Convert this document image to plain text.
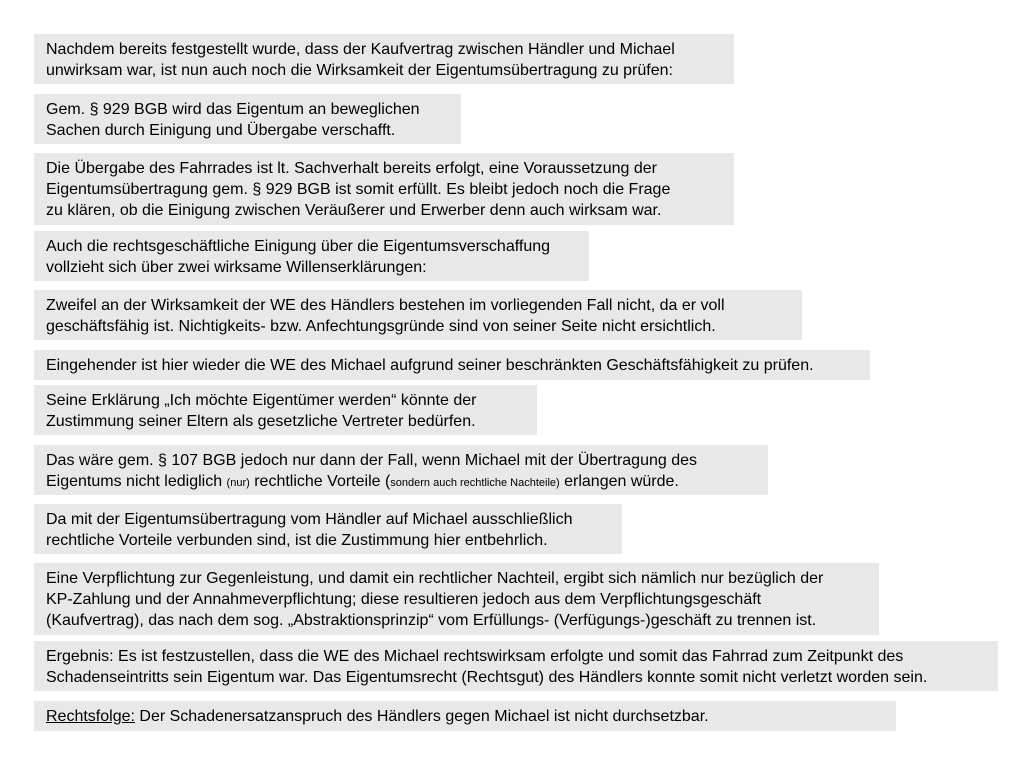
Nachdem bereits festgestellt wurde, dass der Kaufvertrag zwischen Händler und Michael
unwirksam war, ist nun auch noch die Wirksamkeit der Eigentumsübertragung zu prüfen:
Gem. § 929 BGB wird das Eigentum an beweglichen
Sachen durch Einigung und Übergabe verschafft.
Die Übergabe des Fahrrades ist lt. Sachverhalt bereits erfolgt, eine Voraussetzung der
Eigentumsübertragung gem. § 929 BGB ist somit erfüllt. Es bleibt jedoch noch die Frage
zu klären, ob die Einigung zwischen Veräußerer und Erwerber denn auch wirksam war.
Auch die rechtsgeschäftliche Einigung über die Eigentumsverschaffung
vollzieht sich über zwei wirksame Willenserklärungen:
Zweifel an der Wirksamkeit der WE des Händlers bestehen im vorliegenden Fall nicht, da er voll
geschäftsfähig ist. Nichtigkeits- bzw. Anfechtungsgründe sind von seiner Seite nicht ersichtlich.
Eingehender ist hier wieder die WE des Michael aufgrund seiner beschränkten Geschäftsfähigkeit zu prüfen.
Seine Erklärung „Ich möchte Eigentümer werden“ könnte der
Zustimmung seiner Eltern als gesetzliche Vertreter bedürfen.
Das wäre gem. § 107 BGB jedoch nur dann der Fall, wenn Michael mit der Übertragung des
Eigentums nicht lediglich (nur) rechtliche Vorteile (sondern auch rechtliche Nachteile) erlangen würde.
Da mit der Eigentumsübertragung vom Händler auf Michael ausschließlich
rechtliche Vorteile verbunden sind, ist die Zustimmung hier entbehrlich.
Eine Verpflichtung zur Gegenleistung, und damit ein rechtlicher Nachteil, ergibt sich nämlich nur bezüglich der
KP-Zahlung und der Annahmeverpflichtung; diese resultieren jedoch aus dem Verpflichtungsgeschäft
(Kaufvertrag), das nach dem sog. „Abstraktionsprinzip“ vom Erfüllungs- (Verfügungs-)geschäft zu trennen ist.
Ergebnis: Es ist festzustellen, dass die WE des Michael rechtswirksam erfolgte und somit das Fahrrad zum Zeitpunkt des
Schadenseintritts sein Eigentum war. Das Eigentumsrecht (Rechtsgut) des Händlers konnte somit nicht verletzt worden sein.
Rechtsfolge: Der Schadenersatzanspruch des Händlers gegen Michael ist nicht durchsetzbar.
